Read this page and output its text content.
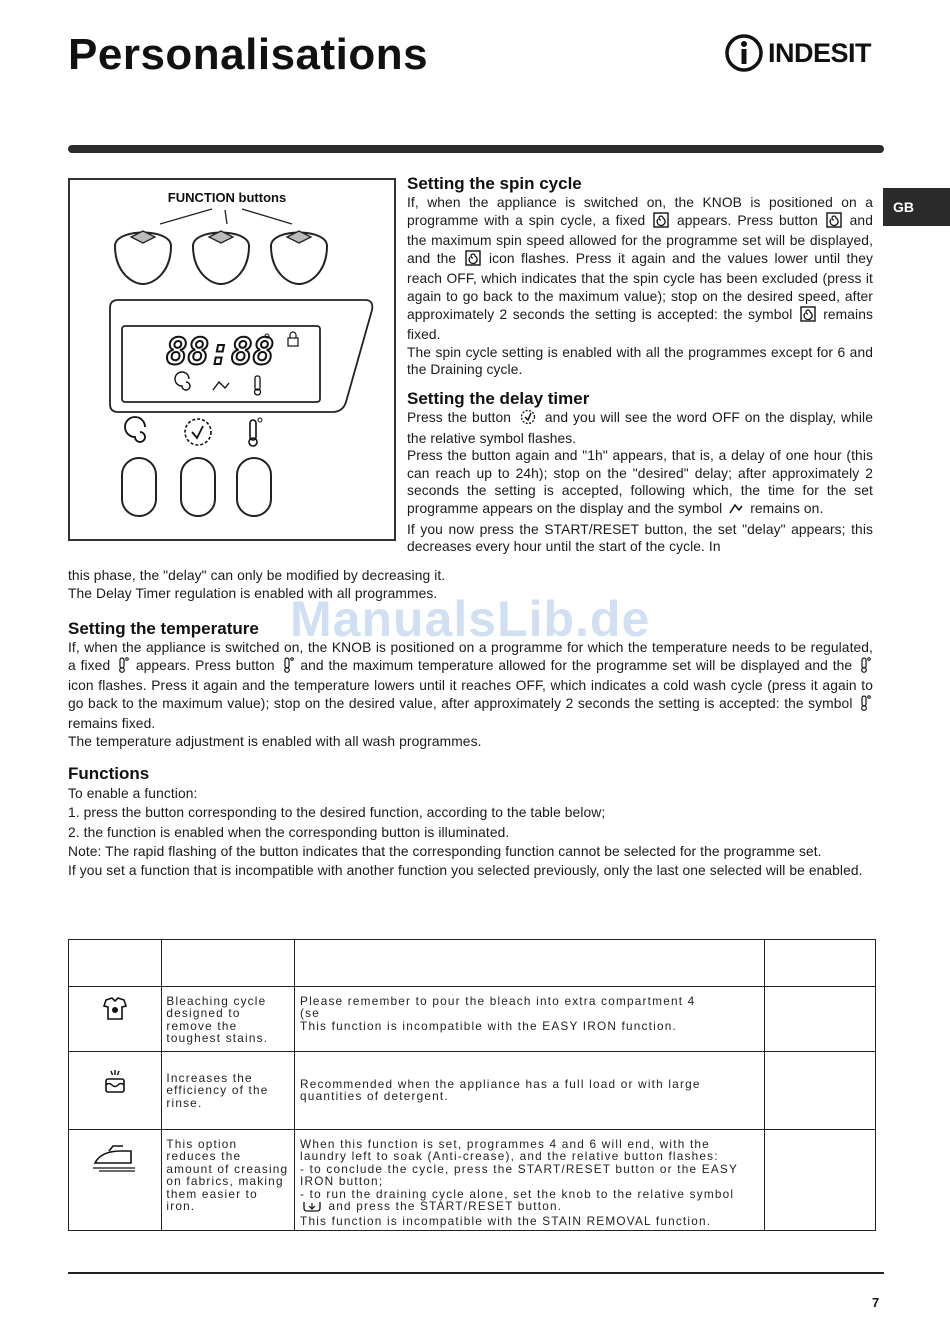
Personalisations	INDESIT
GB
FUNCTION buttons
88:88
Setting the spin cycle

If, when the appliance is switched on, the KNOB is positioned on a programme with a spin cycle, a fixed appears. Press button and the maximum spin speed allowed for the programme set will be displayed, and the icon flashes. Press it again and the values lower until they reach OFF, which indicates that the spin cycle has been excluded (press it again to go back to the maximum value); stop on the desired speed, after approximately 2 seconds the setting is accepted: the symbol remains fixed.

The spin cycle setting is enabled with all the programmes except for 6 and the Draining cycle.

Setting the delay timer

Press the button and you will see the word OFF on the display, while the relative symbol flashes.

Press the button again and "1h" appears, that is, a delay of one hour (this can reach up to 24h); stop on the "desired" delay; after approximately 2 seconds the setting is accepted, following which, the time for the set programme appears on the display and the symbol remains on.

If you now press the START/RESET button, the set "delay" appears; this decreases every hour until the start of the cycle. In

this phase, the "delay" can only be modified by decreasing it.

The Delay Timer regulation is enabled with all programmes.

Setting the temperature

If, when the appliance is switched on, the KNOB is positioned on a programme for which the temperature needs to be regulated, a fixed appears. Press button and the maximum temperature allowed for the programme set will be displayed and the  icon flashes. Press it again and the temperature lowers until it reaches OFF, which indicates a cold wash cycle (press it again to go back to the maximum value); stop on the desired value, after approximately 2 seconds the setting is accepted: the symbol  remains fixed.

The temperature adjustment is enabled with all wash programmes.

ManualsLib.de
Functions

To enable a function:

1. press the button corresponding to the desired function, according to the table below;

2. the function is enabled when the corresponding button is illuminated.

Note: The rapid flashing of the button indicates that the corresponding function cannot be selected for the programme set.

If you set a function that is incompatible with another function you selected previously, only the last one selected will be enabled.

	Bleaching cycle designed to remove the toughest stains.	Please remember to pour the bleach into extra compartment 4
(se
This function is incompatible with the EASY IRON function.	

	Increases the efficiency of the rinse.	Recommended when the appliance has a full load or with large quantities of detergent.	

	This option reduces the amount of creasing on fabrics, making them easier to iron.	When this function is set, programmes 4 and 6 will end, with the laundry left to soak (Anti-crease), and the relative button flashes:
- to conclude the cycle, press the START/RESET button or the EASY IRON button;
- to run the draining cycle alone, set the knob to the relative symbol  and press the START/RESET button.
This function is incompatible with the STAIN REMOVAL function.	

7
